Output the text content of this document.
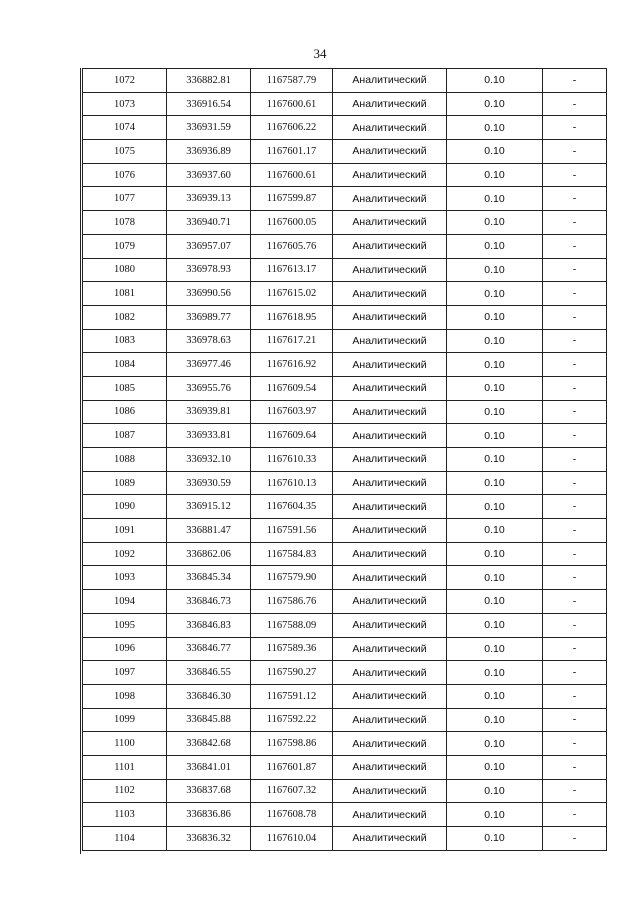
34
1072	336882.81	1167587.79	Аналитический	0.10	-
1073	336916.54	1167600.61	Аналитический	0.10	-
1074	336931.59	1167606.22	Аналитический	0.10	-
1075	336936.89	1167601.17	Аналитический	0.10	-
1076	336937.60	1167600.61	Аналитический	0.10	-
1077	336939.13	1167599.87	Аналитический	0.10	-
1078	336940.71	1167600.05	Аналитический	0.10	-
1079	336957.07	1167605.76	Аналитический	0.10	-
1080	336978.93	1167613.17	Аналитический	0.10	-
1081	336990.56	1167615.02	Аналитический	0.10	-
1082	336989.77	1167618.95	Аналитический	0.10	-
1083	336978.63	1167617.21	Аналитический	0.10	-
1084	336977.46	1167616.92	Аналитический	0.10	-
1085	336955.76	1167609.54	Аналитический	0.10	-
1086	336939.81	1167603.97	Аналитический	0.10	-
1087	336933.81	1167609.64	Аналитический	0.10	-
1088	336932.10	1167610.33	Аналитический	0.10	-
1089	336930.59	1167610.13	Аналитический	0.10	-
1090	336915.12	1167604.35	Аналитический	0.10	-
1091	336881.47	1167591.56	Аналитический	0.10	-
1092	336862.06	1167584.83	Аналитический	0.10	-
1093	336845.34	1167579.90	Аналитический	0.10	-
1094	336846.73	1167586.76	Аналитический	0.10	-
1095	336846.83	1167588.09	Аналитический	0.10	-
1096	336846.77	1167589.36	Аналитический	0.10	-
1097	336846.55	1167590.27	Аналитический	0.10	-
1098	336846.30	1167591.12	Аналитический	0.10	-
1099	336845.88	1167592.22	Аналитический	0.10	-
1100	336842.68	1167598.86	Аналитический	0.10	-
1101	336841.01	1167601.87	Аналитический	0.10	-
1102	336837.68	1167607.32	Аналитический	0.10	-
1103	336836.86	1167608.78	Аналитический	0.10	-
1104	336836.32	1167610.04	Аналитический	0.10	-
